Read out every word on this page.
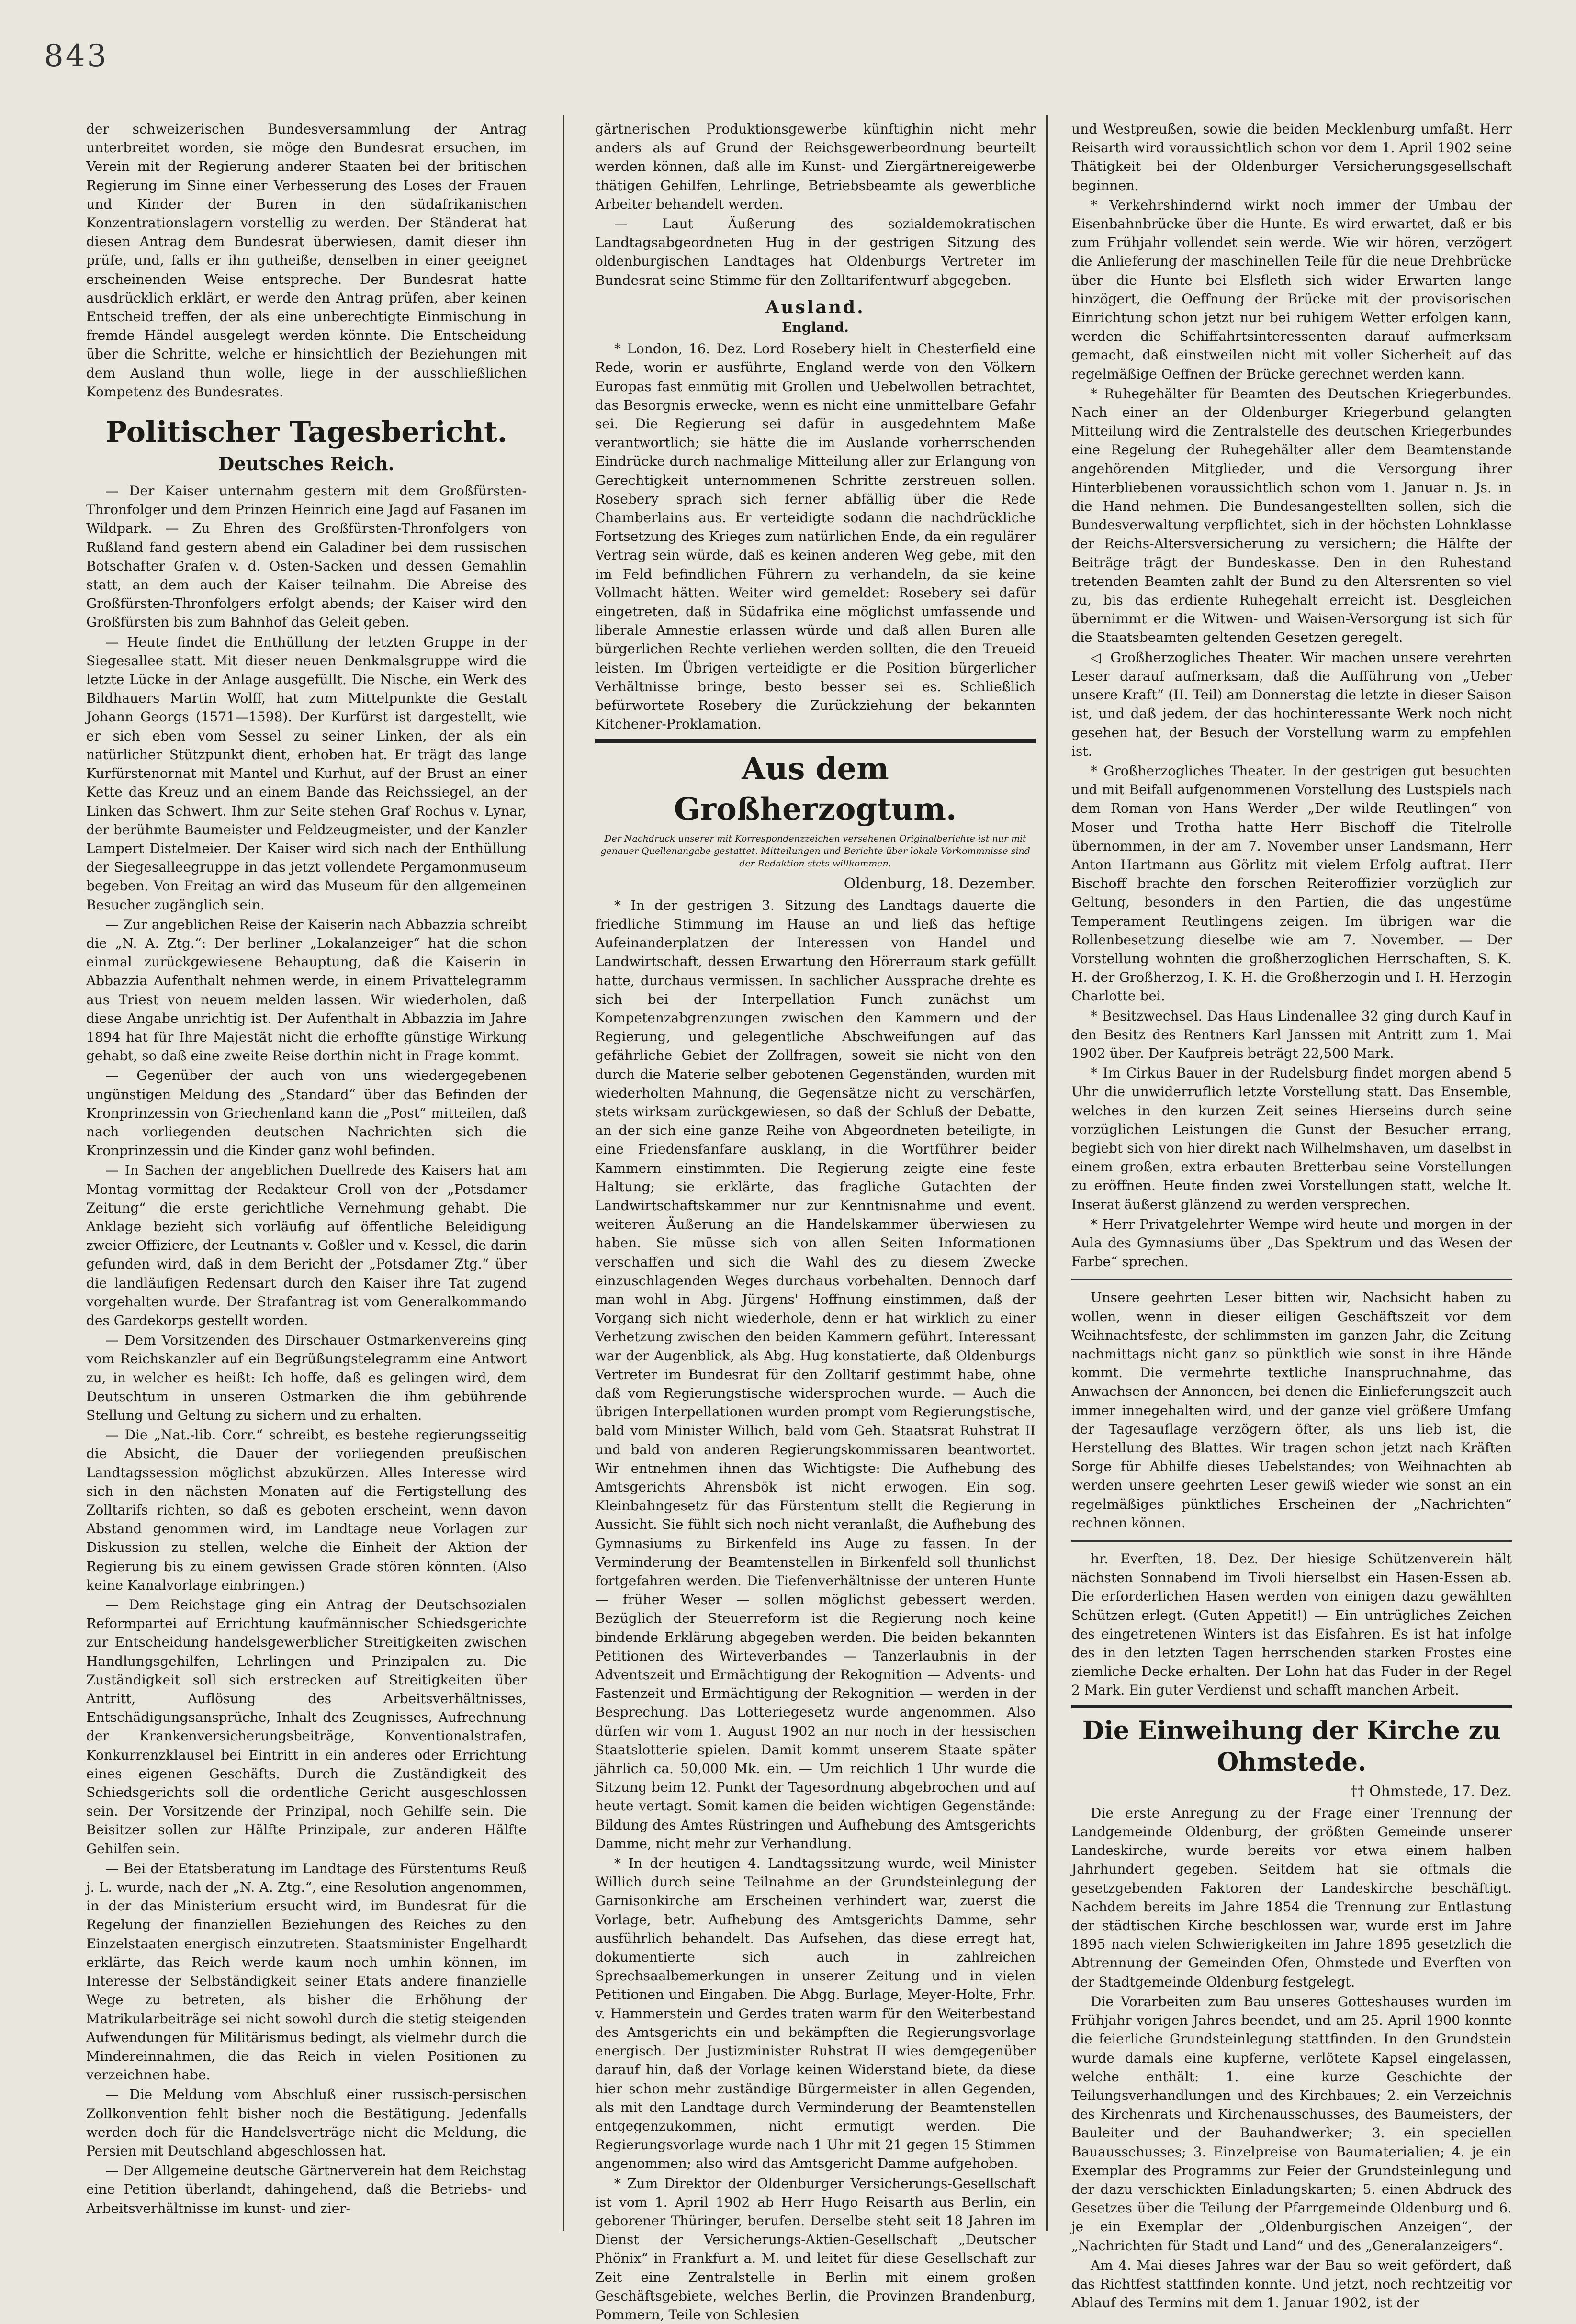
843

der schweizerischen Bundesversammlung der Antrag unterbreitet worden, sie möge den Bundesrat ersuchen, im Verein mit der Regierung anderer Staaten bei der britischen Regierung im Sinne einer Verbesserung des Loses der Frauen und Kinder der Buren in den südafrikanischen Konzentrationslagern vorstellig zu werden. Der Ständerat hat diesen Antrag dem Bundesrat überwiesen, damit dieser ihn prüfe, und, falls er ihn gutheiße, denselben in einer geeignet erscheinenden Weise entspreche. Der Bundesrat hatte ausdrücklich erklärt, er werde den Antrag prüfen, aber keinen Entscheid treffen, der als eine unberechtigte Einmischung in fremde Händel ausgelegt werden könnte. Die Entscheidung über die Schritte, welche er hinsichtlich der Beziehungen mit dem Ausland thun wolle, liege in der ausschließlichen Kompetenz des Bundesrates.

Politischer Tagesbericht.
Deutsches Reich.

— Der Kaiser unternahm gestern mit dem Großfürsten-Thronfolger und dem Prinzen Heinrich eine Jagd auf Fasanen im Wildpark. — Zu Ehren des Großfürsten-Thronfolgers von Rußland fand gestern abend ein Galadiner bei dem russischen Botschafter Grafen v. d. Osten-Sacken und dessen Gemahlin statt, an dem auch der Kaiser teilnahm. Die Abreise des Großfürsten-Thronfolgers erfolgt abends; der Kaiser wird den Großfürsten bis zum Bahnhof das Geleit geben.

— Heute findet die Enthüllung der letzten Gruppe in der Siegesallee statt. Mit dieser neuen Denkmalsgruppe wird die letzte Lücke in der Anlage ausgefüllt. Die Nische, ein Werk des Bildhauers Martin Wolff, hat zum Mittelpunkte die Gestalt Johann Georgs (1571—1598). Der Kurfürst ist dargestellt, wie er sich eben vom Sessel zu seiner Linken, der als ein natürlicher Stützpunkt dient, erhoben hat. Er trägt das lange Kurfürstenornat mit Mantel und Kurhut, auf der Brust an einer Kette das Kreuz und an einem Bande das Reichssiegel, an der Linken das Schwert. Ihm zur Seite stehen Graf Rochus v. Lynar, der berühmte Baumeister und Feldzeugmeister, und der Kanzler Lampert Distelmeier. Der Kaiser wird sich nach der Enthüllung der Siegesalleegruppe in das jetzt vollendete Pergamonmuseum begeben. Von Freitag an wird das Museum für den allgemeinen Besucher zugänglich sein.

— Zur angeblichen Reise der Kaiserin nach Abbazzia schreibt die „N. A. Ztg.“: Der berliner „Lokalanzeiger“ hat die schon einmal zurückgewiesene Behauptung, daß die Kaiserin in Abbazzia Aufenthalt nehmen werde, in einem Privattelegramm aus Triest von neuem melden lassen. Wir wiederholen, daß diese Angabe unrichtig ist. Der Aufenthalt in Abbazzia im Jahre 1894 hat für Ihre Majestät nicht die erhoffte günstige Wirkung gehabt, so daß eine zweite Reise dorthin nicht in Frage kommt.

— Gegenüber der auch von uns wiedergegebenen ungünstigen Meldung des „Standard“ über das Befinden der Kronprinzessin von Griechenland kann die „Post“ mitteilen, daß nach vorliegenden deutschen Nachrichten sich die Kronprinzessin und die Kinder ganz wohl befinden.

— In Sachen der angeblichen Duellrede des Kaisers hat am Montag vormittag der Redakteur Groll von der „Potsdamer Zeitung“ die erste gerichtliche Vernehmung gehabt. Die Anklage bezieht sich vorläufig auf öffentliche Beleidigung zweier Offiziere, der Leutnants v. Goßler und v. Kessel, die darin gefunden wird, daß in dem Bericht der „Potsdamer Ztg.“ über die landläufigen Redensart durch den Kaiser ihre Tat zugend vorgehalten wurde. Der Strafantrag ist vom Generalkommando des Gardekorps gestellt worden.

— Dem Vorsitzenden des Dirschauer Ostmarkenvereins ging vom Reichskanzler auf ein Begrüßungstelegramm eine Antwort zu, in welcher es heißt: Ich hoffe, daß es gelingen wird, dem Deutschtum in unseren Ostmarken die ihm gebührende Stellung und Geltung zu sichern und zu erhalten.

— Die „Nat.-lib. Corr.“ schreibt, es bestehe regierungsseitig die Absicht, die Dauer der vorliegenden preußischen Landtagssession möglichst abzukürzen. Alles Interesse wird sich in den nächsten Monaten auf die Fertigstellung des Zolltarifs richten, so daß es geboten erscheint, wenn davon Abstand genommen wird, im Landtage neue Vorlagen zur Diskussion zu stellen, welche die Einheit der Aktion der Regierung bis zu einem gewissen Grade stören könnten. (Also keine Kanalvorlage einbringen.)

— Dem Reichstage ging ein Antrag der Deutschsozialen Reformpartei auf Errichtung kaufmännischer Schiedsgerichte zur Entscheidung handelsgewerblicher Streitigkeiten zwischen Handlungsgehilfen, Lehrlingen und Prinzipalen zu. Die Zuständigkeit soll sich erstrecken auf Streitigkeiten über Antritt, Auflösung des Arbeitsverhältnisses, Entschädigungsansprüche, Inhalt des Zeugnisses, Aufrechnung der Krankenversicherungsbeiträge, Konventionalstrafen, Konkurrenzklausel bei Eintritt in ein anderes oder Errichtung eines eigenen Geschäfts. Durch die Zuständigkeit des Schiedsgerichts soll die ordentliche Gericht ausgeschlossen sein. Der Vorsitzende der Prinzipal, noch Gehilfe sein. Die Beisitzer sollen zur Hälfte Prinzipale, zur anderen Hälfte Gehilfen sein.

— Bei der Etatsberatung im Landtage des Fürstentums Reuß j. L. wurde, nach der „N. A. Ztg.“, eine Resolution angenommen, in der das Ministerium ersucht wird, im Bundesrat für die Regelung der finanziellen Beziehungen des Reiches zu den Einzelstaaten energisch einzutreten. Staatsminister Engelhardt erklärte, das Reich werde kaum noch umhin können, im Interesse der Selbständigkeit seiner Etats andere finanzielle Wege zu betreten, als bisher die Erhöhung der Matrikularbeiträge sei nicht sowohl durch die stetig steigenden Aufwendungen für Militärismus bedingt, als vielmehr durch die Mindereinnahmen, die das Reich in vielen Positionen zu verzeichnen habe.

— Die Meldung vom Abschluß einer russisch-persischen Zollkonvention fehlt bisher noch die Bestätigung. Jedenfalls werden doch für die Handelsverträge nicht die Meldung, die Persien mit Deutschland abgeschlossen hat.

— Der Allgemeine deutsche Gärtnerverein hat dem Reichstag eine Petition überlandt, dahingehend, daß die Betriebs- und Arbeitsverhältnisse im kunst- und zier-

gärtnerischen Produktionsgewerbe künftighin nicht mehr anders als auf Grund der Reichsgewerbeordnung beurteilt werden können, daß alle im Kunst- und Ziergärtnereigewerbe thätigen Gehilfen, Lehrlinge, Betriebsbeamte als gewerbliche Arbeiter behandelt werden.

— Laut Äußerung des sozialdemokratischen Landtagsabgeordneten Hug in der gestrigen Sitzung des oldenburgischen Landtages hat Oldenburgs Vertreter im Bundesrat seine Stimme für den Zolltarifentwurf abgegeben.

Ausland.
England.

* London, 16. Dez. Lord Rosebery hielt in Chesterfield eine Rede, worin er ausführte, England werde von den Völkern Europas fast einmütig mit Grollen und Uebelwollen betrachtet, das Besorgnis erwecke, wenn es nicht eine unmittelbare Gefahr sei. Die Regierung sei dafür in ausgedehntem Maße verantwortlich; sie hätte die im Auslande vorherrschenden Eindrücke durch nachmalige Mitteilung aller zur Erlangung von Gerechtigkeit unternommenen Schritte zerstreuen sollen. Rosebery sprach sich ferner abfällig über die Rede Chamberlains aus. Er verteidigte sodann die nachdrückliche Fortsetzung des Krieges zum natürlichen Ende, da ein regulärer Vertrag sein würde, daß es keinen anderen Weg gebe, mit den im Feld befindlichen Führern zu verhandeln, da sie keine Vollmacht hätten. Weiter wird gemeldet: Rosebery sei dafür eingetreten, daß in Südafrika eine möglichst umfassende und liberale Amnestie erlassen würde und daß allen Buren alle bürgerlichen Rechte verliehen werden sollten, die den Treueid leisten. Im Übrigen verteidigte er die Position bürgerlicher Verhältnisse bringe, besto besser sei es. Schließlich befürwortete Rosebery die Zurückziehung der bekannten Kitchener-Proklamation.

Aus dem Großherzogtum.
Der Nachdruck unserer mit Korrespondenzzeichen versehenen Originalberichte ist nur mit genauer Quellenangabe gestattet. Mitteilungen und Berichte über lokale Vorkommnisse sind der Redaktion stets willkommen.
Oldenburg, 18. Dezember.

* In der gestrigen 3. Sitzung des Landtags dauerte die friedliche Stimmung im Hause an und ließ das heftige Aufeinanderplatzen der Interessen von Handel und Landwirtschaft, dessen Erwartung den Hörerraum stark gefüllt hatte, durchaus vermissen. In sachlicher Aussprache drehte es sich bei der Interpellation Funch zunächst um Kompetenzabgrenzungen zwischen den Kammern und der Regierung, und gelegentliche Abschweifungen auf das gefährliche Gebiet der Zollfragen, soweit sie nicht von den durch die Materie selber gebotenen Gegenständen, wurden mit wiederholten Mahnung, die Gegensätze nicht zu verschärfen, stets wirksam zurückgewiesen, so daß der Schluß der Debatte, an der sich eine ganze Reihe von Abgeordneten beteiligte, in eine Friedensfanfare ausklang, in die Wortführer beider Kammern einstimmten. Die Regierung zeigte eine feste Haltung; sie erklärte, das fragliche Gutachten der Landwirtschaftskammer nur zur Kenntnisnahme und event. weiteren Äußerung an die Handelskammer überwiesen zu haben. Sie müsse sich von allen Seiten Informationen verschaffen und sich die Wahl des zu diesem Zwecke einzuschlagenden Weges durchaus vorbehalten. Dennoch darf man wohl in Abg. Jürgens' Hoffnung einstimmen, daß der Vorgang sich nicht wiederhole, denn er hat wirklich zu einer Verhetzung zwischen den beiden Kammern geführt. Interessant war der Augenblick, als Abg. Hug konstatierte, daß Oldenburgs Vertreter im Bundesrat für den Zolltarif gestimmt habe, ohne daß vom Regierungstische widersprochen wurde. — Auch die übrigen Interpellationen wurden prompt vom Regierungstische, bald vom Minister Willich, bald vom Geh. Staatsrat Ruhstrat II und bald von anderen Regierungskommissaren beantwortet. Wir entnehmen ihnen das Wichtigste: Die Aufhebung des Amtsgerichts Ahrensbök ist nicht erwogen. Ein sog. Kleinbahngesetz für das Fürstentum stellt die Regierung in Aussicht. Sie fühlt sich noch nicht veranlaßt, die Aufhebung des Gymnasiums zu Birkenfeld ins Auge zu fassen. In der Verminderung der Beamtenstellen in Birkenfeld soll thunlichst fortgefahren werden. Die Tiefenverhältnisse der unteren Hunte — früher Weser — sollen möglichst gebessert werden. Bezüglich der Steuerreform ist die Regierung noch keine bindende Erklärung abgegeben werden. Die beiden bekannten Petitionen des Wirteverbandes — Tanzerlaubnis in der Adventszeit und Ermächtigung der Rekognition — Advents- und Fastenzeit und Ermächtigung der Rekognition — werden in der Besprechung. Das Lotteriegesetz wurde angenommen. Also dürfen wir vom 1. August 1902 an nur noch in der hessischen Staatslotterie spielen. Damit kommt unserem Staate später jährlich ca. 50,000 Mk. ein. — Um reichlich 1 Uhr wurde die Sitzung beim 12. Punkt der Tagesordnung abgebrochen und auf heute vertagt. Somit kamen die beiden wichtigen Gegenstände: Bildung des Amtes Rüstringen und Aufhebung des Amtsgerichts Damme, nicht mehr zur Verhandlung.

* In der heutigen 4. Landtagssitzung wurde, weil Minister Willich durch seine Teilnahme an der Grundsteinlegung der Garnisonkirche am Erscheinen verhindert war, zuerst die Vorlage, betr. Aufhebung des Amtsgerichts Damme, sehr ausführlich behandelt. Das Aufsehen, das diese erregt hat, dokumentierte sich auch in zahlreichen Sprechsaalbemerkungen in unserer Zeitung und in vielen Petitionen und Eingaben. Die Abgg. Burlage, Meyer-Holte, Frhr. v. Hammerstein und Gerdes traten warm für den Weiterbestand des Amtsgerichts ein und bekämpften die Regierungsvorlage energisch. Der Justizminister Ruhstrat II wies demgegenüber darauf hin, daß der Vorlage keinen Widerstand biete, da diese hier schon mehr zuständige Bürgermeister in allen Gegenden, als mit den Landtage durch Verminderung der Beamtenstellen entgegenzukommen, nicht ermutigt werden. Die Regierungsvorlage wurde nach 1 Uhr mit 21 gegen 15 Stimmen angenommen; also wird das Amtsgericht Damme aufgehoben.

* Zum Direktor der Oldenburger Versicherungs-Gesellschaft ist vom 1. April 1902 ab Herr Hugo Reisarth aus Berlin, ein geborener Thüringer, berufen. Derselbe steht seit 18 Jahren im Dienst der Versicherungs-Aktien-Gesellschaft „Deutscher Phönix“ in Frankfurt a. M. und leitet für diese Gesellschaft zur Zeit eine Zentralstelle in Berlin mit einem großen Geschäftsgebiete, welches Berlin, die Provinzen Brandenburg, Pommern, Teile von Schlesien

und Westpreußen, sowie die beiden Mecklenburg umfaßt. Herr Reisarth wird voraussichtlich schon vor dem 1. April 1902 seine Thätigkeit bei der Oldenburger Versicherungsgesellschaft beginnen.

* Verkehrshindernd wirkt noch immer der Umbau der Eisenbahnbrücke über die Hunte. Es wird erwartet, daß er bis zum Frühjahr vollendet sein werde. Wie wir hören, verzögert die Anlieferung der maschinellen Teile für die neue Drehbrücke über die Hunte bei Elsfleth sich wider Erwarten lange hinzögert, die Oeffnung der Brücke mit der provisorischen Einrichtung schon jetzt nur bei ruhigem Wetter erfolgen kann, werden die Schiffahrtsinteressenten darauf aufmerksam gemacht, daß einstweilen nicht mit voller Sicherheit auf das regelmäßige Oeffnen der Brücke gerechnet werden kann.

* Ruhegehälter für Beamten des Deutschen Kriegerbundes. Nach einer an der Oldenburger Kriegerbund gelangten Mitteilung wird die Zentralstelle des deutschen Kriegerbundes eine Regelung der Ruhegehälter aller dem Beamtenstande angehörenden Mitglieder, und die Versorgung ihrer Hinterbliebenen voraussichtlich schon vom 1. Januar n. Js. in die Hand nehmen. Die Bundesangestellten sollen, sich die Bundesverwaltung verpflichtet, sich in der höchsten Lohnklasse der Reichs-Altersversicherung zu versichern; die Hälfte der Beiträge trägt der Bundeskasse. Den in den Ruhestand tretenden Beamten zahlt der Bund zu den Altersrenten so viel zu, bis das erdiente Ruhegehalt erreicht ist. Desgleichen übernimmt er die Witwen- und Waisen-Versorgung ist sich für die Staatsbeamten geltenden Gesetzen geregelt.

◁ Großherzogliches Theater. Wir machen unsere verehrten Leser darauf aufmerksam, daß die Aufführung von „Ueber unsere Kraft“ (II. Teil) am Donnerstag die letzte in dieser Saison ist, und daß jedem, der das hochinteressante Werk noch nicht gesehen hat, der Besuch der Vorstellung warm zu empfehlen ist.

* Großherzogliches Theater. In der gestrigen gut besuchten und mit Beifall aufgenommenen Vorstellung des Lustspiels nach dem Roman von Hans Werder „Der wilde Reutlingen“ von Moser und Trotha hatte Herr Bischoff die Titelrolle übernommen, in der am 7. November unser Landsmann, Herr Anton Hartmann aus Görlitz mit vielem Erfolg auftrat. Herr Bischoff brachte den forschen Reiteroffizier vorzüglich zur Geltung, besonders in den Partien, die das ungestüme Temperament Reutlingens zeigen. Im übrigen war die Rollenbesetzung dieselbe wie am 7. November. — Der Vorstellung wohnten die großherzoglichen Herrschaften, S. K. H. der Großherzog, I. K. H. die Großherzogin und I. H. Herzogin Charlotte bei.

* Besitzwechsel. Das Haus Lindenallee 32 ging durch Kauf in den Besitz des Rentners Karl Janssen mit Antritt zum 1. Mai 1902 über. Der Kaufpreis beträgt 22,500 Mark.

* Im Cirkus Bauer in der Rudelsburg findet morgen abend 5 Uhr die unwiderruflich letzte Vorstellung statt. Das Ensemble, welches in den kurzen Zeit seines Hierseins durch seine vorzüglichen Leistungen die Gunst der Besucher errang, begiebt sich von hier direkt nach Wilhelmshaven, um daselbst in einem großen, extra erbauten Bretterbau seine Vorstellungen zu eröffnen. Heute finden zwei Vorstellungen statt, welche lt. Inserat äußerst glänzend zu werden versprechen.

* Herr Privatgelehrter Wempe wird heute und morgen in der Aula des Gymnasiums über „Das Spektrum und das Wesen der Farbe“ sprechen.

Unsere geehrten Leser bitten wir, Nachsicht haben zu wollen, wenn in dieser eiligen Geschäftszeit vor dem Weihnachtsfeste, der schlimmsten im ganzen Jahr, die Zeitung nachmittags nicht ganz so pünktlich wie sonst in ihre Hände kommt. Die vermehrte textliche Inanspruchnahme, das Anwachsen der Annoncen, bei denen die Einlieferungszeit auch immer innegehalten wird, und der ganze viel größere Umfang der Tagesauflage verzögern öfter, als uns lieb ist, die Herstellung des Blattes. Wir tragen schon jetzt nach Kräften Sorge für Abhilfe dieses Uebelstandes; von Weihnachten ab werden unsere geehrten Leser gewiß wieder wie sonst an ein regelmäßiges pünktliches Erscheinen der „Nachrichten“ rechnen können.

hr. Everften, 18. Dez. Der hiesige Schützenverein hält nächsten Sonnabend im Tivoli hierselbst ein Hasen-Essen ab. Die erforderlichen Hasen werden von einigen dazu gewählten Schützen erlegt. (Guten Appetit!) — Ein untrügliches Zeichen des eingetretenen Winters ist das Eisfahren. Es ist hat infolge des in den letzten Tagen herrschenden starken Frostes eine ziemliche Decke erhalten. Der Lohn hat das Fuder in der Regel 2 Mark. Ein guter Verdienst und schafft manchen Arbeit.

Die Einweihung der Kirche zu Ohmstede.
†† Ohmstede, 17. Dez.

Die erste Anregung zu der Frage einer Trennung der Landgemeinde Oldenburg, der größten Gemeinde unserer Landeskirche, wurde bereits vor etwa einem halben Jahrhundert gegeben. Seitdem hat sie oftmals die gesetzgebenden Faktoren der Landeskirche beschäftigt. Nachdem bereits im Jahre 1854 die Trennung zur Entlastung der städtischen Kirche beschlossen war, wurde erst im Jahre 1895 nach vielen Schwierigkeiten im Jahre 1895 gesetzlich die Abtrennung der Gemeinden Ofen, Ohmstede und Everften von der Stadtgemeinde Oldenburg festgelegt.

Die Vorarbeiten zum Bau unseres Gotteshauses wurden im Frühjahr vorigen Jahres beendet, und am 25. April 1900 konnte die feierliche Grundsteinlegung stattfinden. In den Grundstein wurde damals eine kupferne, verlötete Kapsel eingelassen, welche enthält: 1. eine kurze Geschichte der Teilungsverhandlungen und des Kirchbaues; 2. ein Verzeichnis des Kirchenrats und Kirchenausschusses, des Baumeisters, der Bauleiter und der Bauhandwerker; 3. ein speciellen Bauausschusses; 3. Einzelpreise von Baumaterialien; 4. je ein Exemplar des Programms zur Feier der Grundsteinlegung und der dazu verschickten Einladungskarten; 5. einen Abdruck des Gesetzes über die Teilung der Pfarrgemeinde Oldenburg und 6. je ein Exemplar der „Oldenburgischen Anzeigen“, der „Nachrichten für Stadt und Land“ und des „Generalanzeigers“.

Am 4. Mai dieses Jahres war der Bau so weit gefördert, daß das Richtfest stattfinden konnte. Und jetzt, noch rechtzeitig vor Ablauf des Termins mit dem 1. Januar 1902, ist der
